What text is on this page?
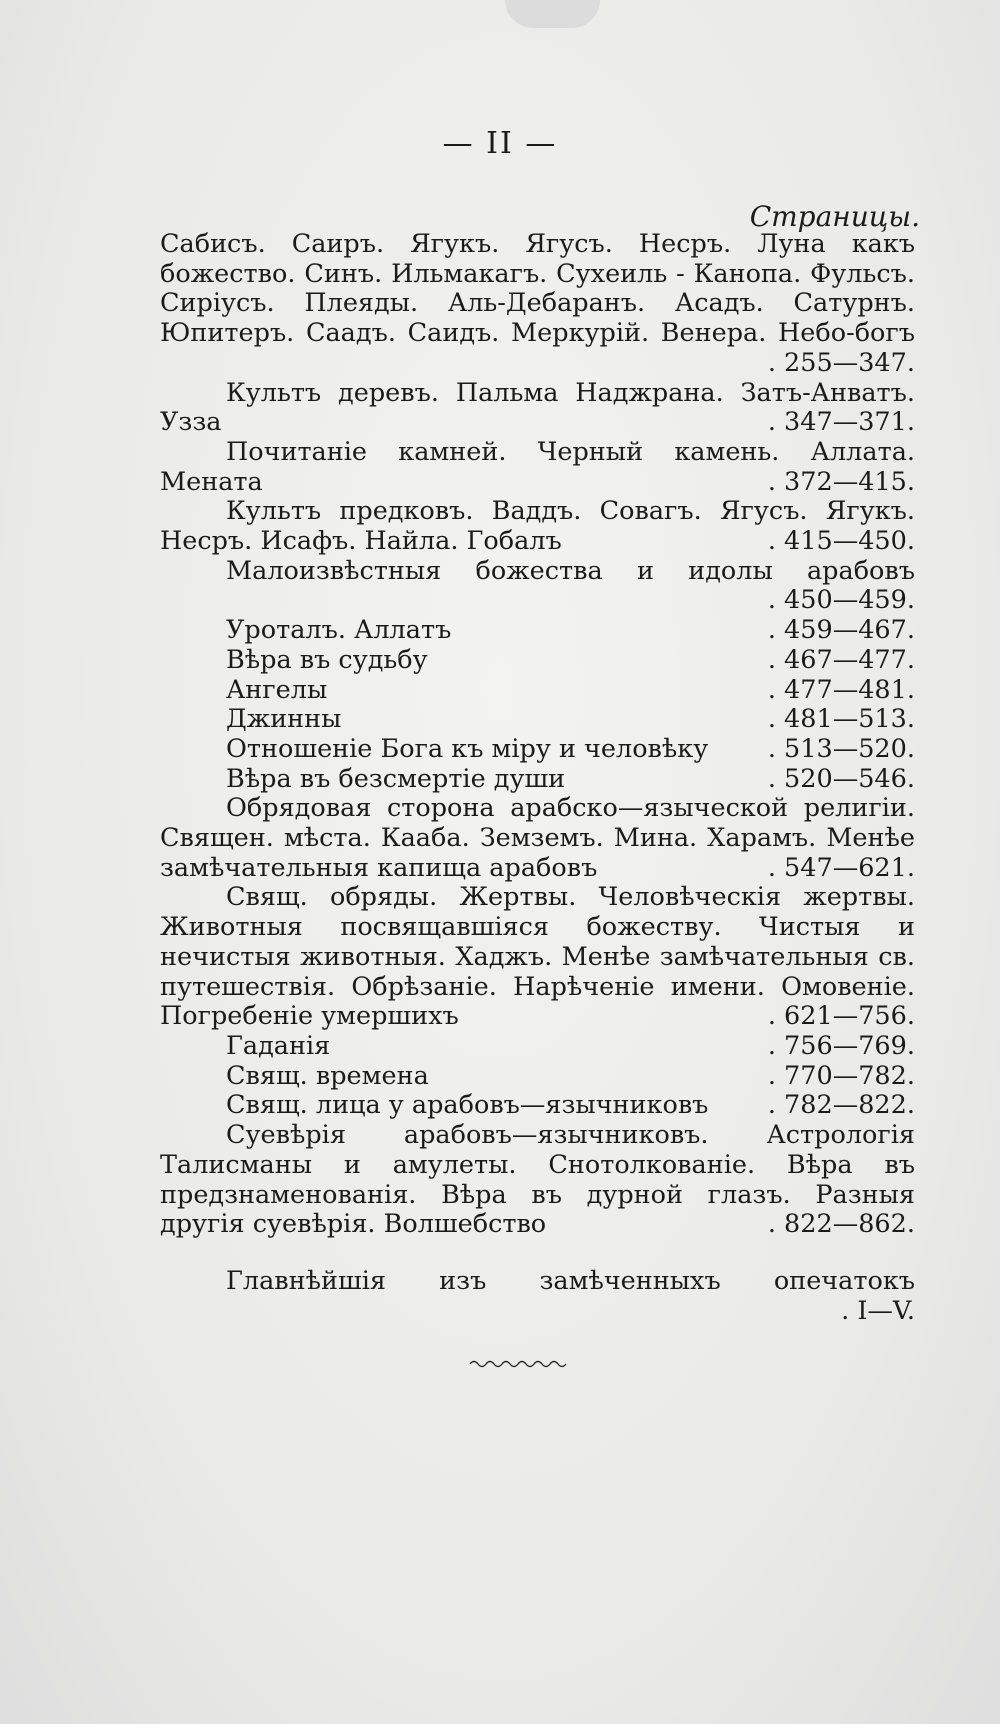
— II —
Страницы.
Сабисъ. Саиръ. Ягукъ. Ягусъ. Несръ. Луна какъ божество. Синъ. Ильмакагъ. Сухеиль - Канопа. Фульсъ. Сиріусъ. Плеяды. Аль-Дебаранъ. Асадъ. Сатурнъ. Юпитеръ. Саадъ. Саидъ. Меркурій. Венера. Небо-богъ
. 255—347.
Культъ деревъ. Пальма Наджрана. Затъ-Анватъ. Узза	. 347—371.
Почитаніе камней. Черный камень. Аллата. Мената	. 372—415.
Культъ предковъ. Ваддъ. Совагъ. Ягусъ. Ягукъ. Несръ. Исафъ. Найла. Гобалъ	. 415—450.
Малоизвѣстныя божества и идолы арабовъ
. 450—459.
Уроталъ. Аллатъ	. 459—467.
Вѣра въ судьбу	. 467—477.
Ангелы	. 477—481.
Джинны	. 481—513.
Отношеніе Бога къ міру и человѣку	. 513—520.
Вѣра въ безсмертіе души	. 520—546.
Обрядовая сторона арабско—языческой религіи. Священ. мѣста. Кааба. Земземъ. Мина. Харамъ. Менѣе замѣчательныя капища арабовъ	. 547—621.
Свящ. обряды. Жертвы. Человѣческія жертвы. Животныя посвящавшіяся божеству. Чистыя и нечистыя животныя. Хаджъ. Менѣе замѣчательныя св. путешествія. Обрѣзаніе. Нарѣченіе имени. Омовеніе. Погребеніе умершихъ	. 621—756.
Гаданія	. 756—769.
Свящ. времена	. 770—782.
Свящ. лица у арабовъ—язычниковъ	. 782—822.
Суевѣрія арабовъ—язычниковъ. Астрологія Талисманы и амулеты. Снотолкованіе. Вѣра въ предзнаменованія. Вѣра въ дурной глазъ. Разныя другія суевѣрія. Волшебство	. 822—862.
Главнѣйшія изъ замѣченныхъ опечатокъ
. I—V.
